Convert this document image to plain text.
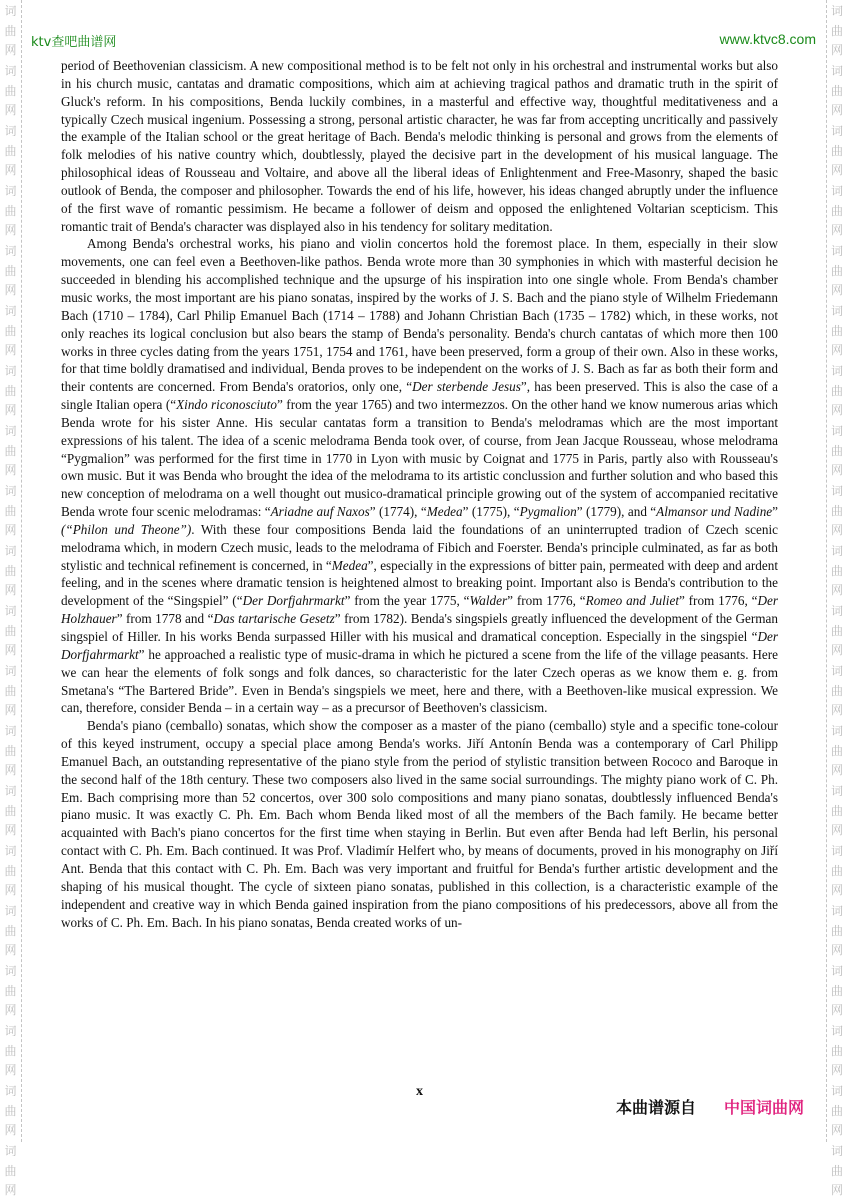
词
曲
网
词
曲
网
词
曲
网
词
曲
网
词
曲
网
词
曲
网
词
曲
网
词
曲
网
词
曲
网
词
曲
网
词
曲
网
词
曲
网
词
曲
网
词
曲
网
词
曲
网
词
曲
网
词
曲
网
词
曲
网
词
曲
网
词
曲
网
词
曲
网
词
曲
网
词
曲
网
词
曲
网
词
曲
网
词
曲
网
词
曲
网
词
曲
网
词
曲
网
词
曲
网
词
曲
网
词
曲
网
词
曲
网
词
曲
网
词
曲
网
词
曲
网
词
曲
网
词
曲
网
词
曲
网
词
曲
网
ktv查吧曲谱网	www.ktvc8.com

period of Beethovenian classicism. A new compositional method is to be felt not only in his orchestral and instrumental works but also in his church music, cantatas and dramatic compositions, which aim at achieving tragical pathos and dramatic truth in the spirit of Gluck's reform. In his compositions, Benda luckily combines, in a masterful and effective way, thoughtful meditativeness and a typically Czech musical ingenium. Possessing a strong, personal artistic character, he was far from accepting uncritically and passively the example of the Italian school or the great heritage of Bach. Benda's melodic thinking is personal and grows from the elements of folk melodies of his native country which, doubtlessly, played the decisive part in the development of his musical language. The philosophical ideas of Rousseau and Voltaire, and above all the liberal ideas of Enlightenment and Free-Masonry, shaped the basic outlook of Benda, the composer and philosopher. Towards the end of his life, however, his ideas changed abruptly under the influence of the first wave of romantic pessimism. He became a follower of deism and opposed the enlightened Voltarian scepticism. This romantic trait of Benda's character was displayed also in his tendency for solitary meditation.

Among Benda's orchestral works, his piano and violin concertos hold the foremost place. In them, especially in their slow movements, one can feel even a Beethoven-like pathos. Benda wrote more than 30 symphonies in which with masterful decision he succeeded in blending his accomplished technique and the upsurge of his inspiration into one single whole. From Benda's chamber music works, the most important are his piano sonatas, inspired by the works of J. S. Bach and the piano style of Wilhelm Friedemann Bach (1710 – 1784), Carl Philip Emanuel Bach (1714 – 1788) and Johann Christian Bach (1735 – 1782) which, in these works, not only reaches its logical conclusion but also bears the stamp of Benda's personality. Benda's church cantatas of which more then 100 works in three cycles dating from the years 1751, 1754 and 1761, have been preserved, form a group of their own. Also in these works, for that time boldly dramatised and individual, Benda proves to be independent on the works of J. S. Bach as far as both their form and their contents are concerned. From Benda's oratorios, only one, “Der sterbende Jesus”, has been preserved. This is also the case of a single Italian opera (“Xindo riconosciuto” from the year 1765) and two intermezzos. On the other hand we know numerous arias which Benda wrote for his sister Anne. His secular cantatas form a transition to Benda's melodramas which are the most important expressions of his talent. The idea of a scenic melodrama Benda took over, of course, from Jean Jacque Rousseau, whose melodrama “Pygmalion” was performed for the first time in 1770 in Lyon with music by Coignat and 1775 in Paris, partly also with Rousseau's own music. But it was Benda who brought the idea of the melodrama to its artistic conclussion and further solution and who based this new conception of melodrama on a well thought out musico-dramatical principle growing out of the system of accompanied recitative Benda wrote four scenic melodramas: “Ariadne auf Naxos” (1774), “Medea” (1775), “Pygmalion” (1779), and “Almansor und Nadine” (“Philon und Theone”). With these four compositions Benda laid the foundations of an uninterrupted tradion of Czech scenic melodrama which, in modern Czech music, leads to the melodrama of Fibich and Foerster. Benda's principle culminated, as far as both stylistic and technical refinement is concerned, in “Medea”, especially in the expressions of bitter pain, permeated with deep and ardent feeling, and in the scenes where dramatic tension is heightened almost to breaking point. Important also is Benda's contribution to the development of the “Singspiel” (“Der Dorfjahrmarkt” from the year 1775, “Walder” from 1776, “Romeo and Juliet” from 1776, “Der Holzhauer” from 1778 and “Das tartarische Gesetz” from 1782). Benda's singspiels greatly influenced the development of the German singspiel of Hiller. In his works Benda surpassed Hiller with his musical and dramatical conception. Especially in the singspiel “Der Dorfjahrmarkt” he approached a realistic type of music-drama in which he pictured a scene from the life of the village peasants. Here we can hear the elements of folk songs and folk dances, so characteristic for the later Czech operas as we know them e. g. from Smetana's “The Bartered Bride”. Even in Benda's singspiels we meet, here and there, with a Beethoven-like musical expression. We can, therefore, consider Benda – in a certain way – as a precursor of Beethoven's classicism.

Benda's piano (cemballo) sonatas, which show the composer as a master of the piano (cemballo) style and a specific tone-colour of this keyed instrument, occupy a special place among Benda's works. Jiří Antonín Benda was a contemporary of Carl Philipp Emanuel Bach, an outstanding representative of the piano style from the period of stylistic transition between Rococo and Baroque in the second half of the 18th century. These two composers also lived in the same social surroundings. The mighty piano work of C. Ph. Em. Bach comprising more than 52 concertos, over 300 solo compositions and many piano sonatas, doubtlessly influenced Benda's piano music. It was exactly C. Ph. Em. Bach whom Benda liked most of all the members of the Bach family. He became better acquainted with Bach's piano concertos for the first time when staying in Berlin. But even after Benda had left Berlin, his personal contact with C. Ph. Em. Bach continued. It was Prof. Vladimír Helfert who, by means of documents, proved in his monography on Jiří Ant. Benda that this contact with C. Ph. Em. Bach was very important and fruitful for Benda's further artistic development and the shaping of his musical thought. The cycle of sixteen piano sonatas, published in this collection, is a characteristic example of the independent and creative way in which Benda gained inspiration from the piano compositions of his predecessors, above all from the works of C. Ph. Em. Bach. In his piano sonatas, Benda created works of un-

x
本曲谱源自 中国词曲网
